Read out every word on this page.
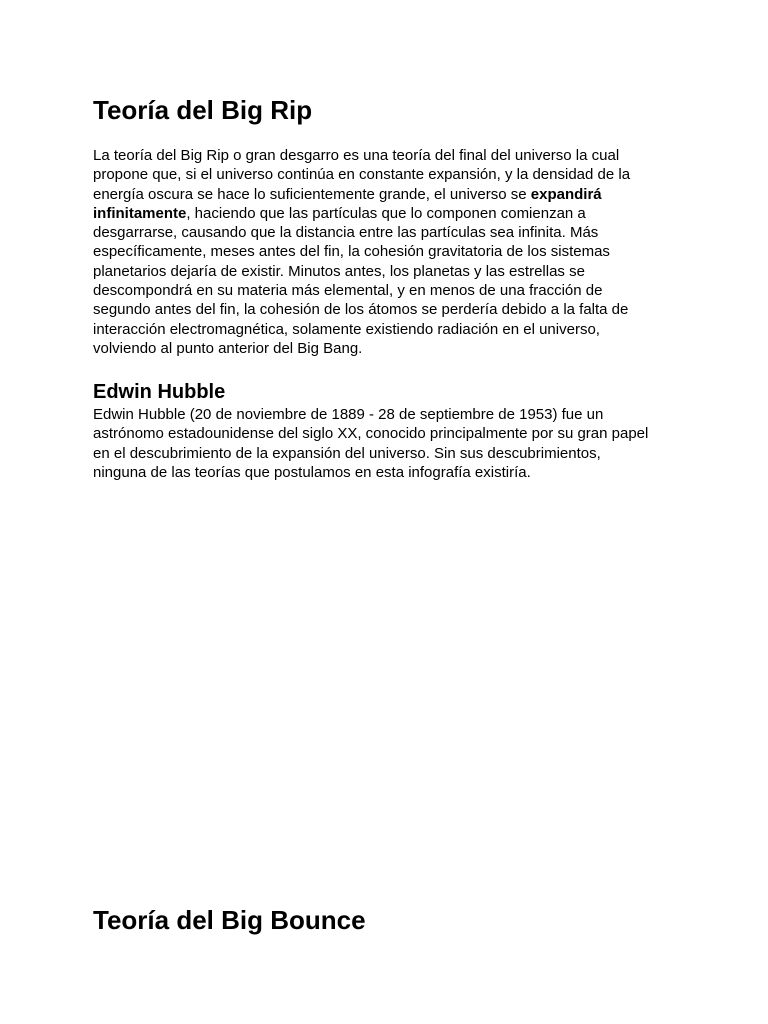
Teoría del Big Rip

La teoría del Big Rip o gran desgarro es una teoría del final del universo la cual
propone que, si el universo continúa en constante expansión, y la densidad de la
energía oscura se hace lo suficientemente grande, el universo se expandirá
infinitamente, haciendo que las partículas que lo componen comienzan a
desgarrarse, causando que la distancia entre las partículas sea infinita. Más
específicamente, meses antes del fin, la cohesión gravitatoria de los sistemas
planetarios dejaría de existir. Minutos antes, los planetas y las estrellas se
descompondrá en su materia más elemental, y en menos de una fracción de
segundo antes del fin, la cohesión de los átomos se perdería debido a la falta de
interacción electromagnética, solamente existiendo radiación en el universo,
volviendo al punto anterior del Big Bang.

Edwin Hubble

Edwin Hubble (20 de noviembre de 1889 - 28 de septiembre de 1953) fue un
astrónomo estadounidense del siglo XX, conocido principalmente por su gran papel
en el descubrimiento de la expansión del universo. Sin sus descubrimientos,
ninguna de las teorías que postulamos en esta infografía existiría.

Teoría del Big Bounce
